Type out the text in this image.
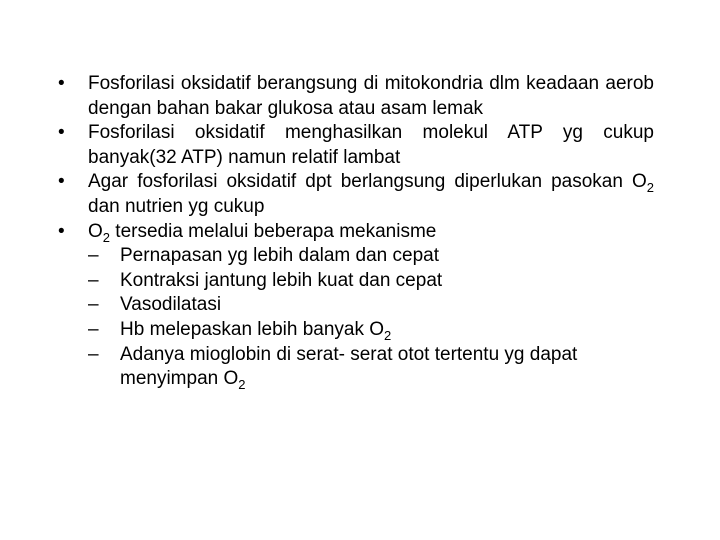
•	Fosforilasi oksidatif berangsung di mitokondria dlm keadaan aerob dengan bahan bakar glukosa atau asam lemak
•	Fosforilasi oksidatif menghasilkan molekul ATP yg cukup banyak(32 ATP) namun relatif lambat
•	Agar fosforilasi oksidatif dpt berlangsung diperlukan pasokan $O_2$ dan nutrien yg cukup
•	$O_2$ tersedia melalui beberapa mekanisme
– Pernapasan yg lebih dalam dan cepat
– Kontraksi jantung lebih kuat dan cepat
– Vasodilatasi
– Hb melepaskan lebih banyak $O_2$
– Adanya mioglobin di serat- serat otot tertentu yg dapat menyimpan $O_2$
